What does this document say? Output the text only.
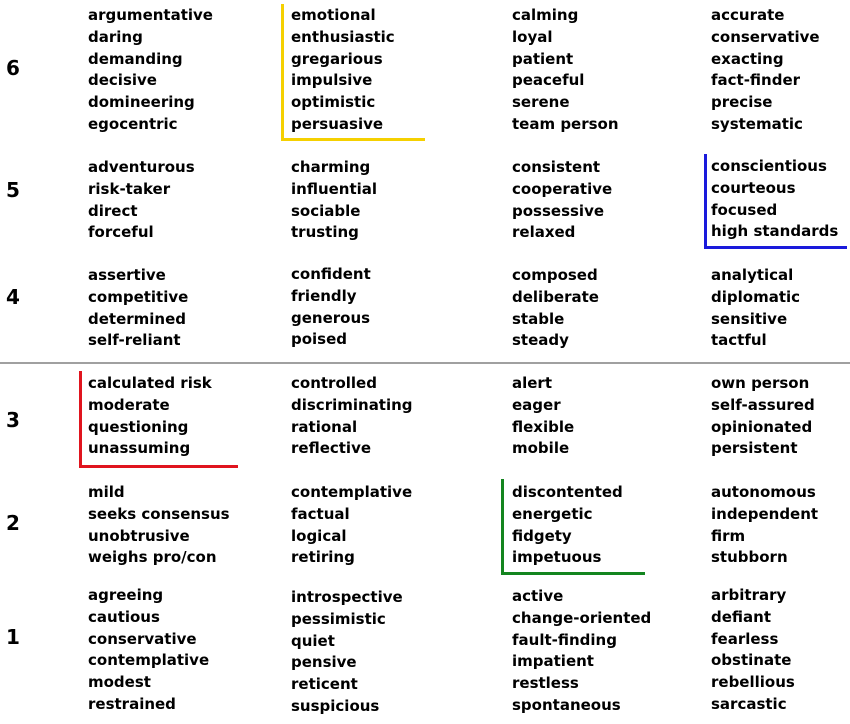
6
5
4
3
2
1
argumentative
daring
demanding
decisive
domineering
egocentric
emotional
enthusiastic
gregarious
impulsive
optimistic
persuasive
calming
loyal
patient
peaceful
serene
team person
accurate
conservative
exacting
fact-finder
precise
systematic
adventurous
risk-taker
direct
forceful
charming
influential
sociable
trusting
consistent
cooperative
possessive
relaxed
conscientious
courteous
focused
high standards
assertive
competitive
determined
self-reliant
confident
friendly
generous
poised
composed
deliberate
stable
steady
analytical
diplomatic
sensitive
tactful
calculated risk
moderate
questioning
unassuming
controlled
discriminating
rational
reflective
alert
eager
flexible
mobile
own person
self-assured
opinionated
persistent
mild
seeks consensus
unobtrusive
weighs pro/con
contemplative
factual
logical
retiring
discontented
energetic
fidgety
impetuous
autonomous
independent
firm
stubborn
agreeing
cautious
conservative
contemplative
modest
restrained
introspective
pessimistic
quiet
pensive
reticent
suspicious
active
change-oriented
fault-finding
impatient
restless
spontaneous
arbitrary
defiant
fearless
obstinate
rebellious
sarcastic
